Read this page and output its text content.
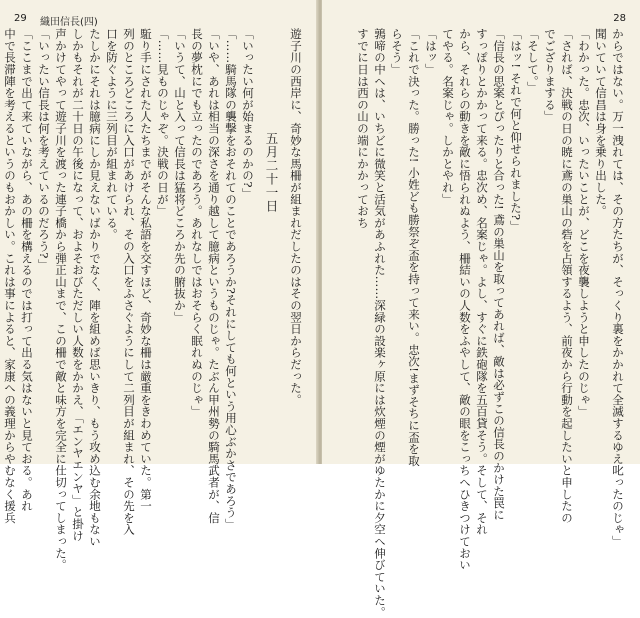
29 織田信長(四)
遊子川の西岸に、奇妙な馬柵が組まれだしたのはその翌日からだった。
五月二十一日
「いったい何が始まるのかの?」
「……騎馬隊の襲撃をおそれてのことであろうか?それにしても何という用心ぶかさであろう」
「いや、あれは相当の深さを通り越して臆病というものじゃ。たぶん甲州勢の騎馬武者が、信
長の夢枕にでも立ったのであろう。あれなしではおそらく眠れぬのじゃ」
「いうて、山と入って信長は猛将どころか先の腑抜か」
「……見ものじゃぞ。決戦の日が」
駈り手にされた人たちまでがそんな私語を交すほど、奇妙な柵は厳重をきわめていた。第一
列のところどころに入口があけられ、その入口をふさぐようにして二列目が組まれ、その先を入
口を防ぐように三列目が組まれている。
たしかにそれは臆病にしか見えないばかりでなく、陣を組めば思いきり、もう攻め込む余地もない
しかもそれが二十日の午後になって、およそおびただしい人数をかかえ、「エンヤエンヤ」と掛け
声かけてやって遊子川を渡った連子橋から弾正山まで、この柵で敵と味方を完全に仕切ってしまった。
「いったい信長は何を考えているのだろう?」
「ここまで出て来ていながら、あの柵を構えるのでは打って出る気はないと見ておる。あれ
中で長滞陣を考えるというのもおかしい。これは事によると、家康への義理からやむなく援兵
28
からではない。万一洩れては、その方たちが、そっくり裏をかかれて全滅するゆえ叱ったのじゃ」
聞いていて信昌は身を乗り出した。
「わかった。忠次、いったいことが、どこを夜襲しようと申したのじゃ」
「されば、決戦の日の暁に鳶の巣山の砦を占領するよう、前夜から行動を起したいと申したの
でござりまする」
「そして。」
「はッ! それで何と仰せられました?」
「信長の思案とぴったりと合った! 鳶の巣山を取ってあれば、敵は必ずこの信長のかけた罠に
すっぽりとかかって来る。忠次め、名案じゃ。よし、すぐに鉄砲隊を五百貸そう。そして、それ
から、それらの動きを敵に悟られぬよう、柵結いの人数をふやして、敵の眼をこっちへひきつけておい
てやる。名案じゃ。しかとやれ」
「はッ」
「これで決った。勝った! 小姓ども勝祭ぞ盃を持って来い。忠次!まずそちに盃を取
らそう」
鶉啼の中へは、いちどに微笑と活気があふれた……深緑の設楽ヶ原には炊煙の煙がゆたかに夕空へ伸びていた。
すでに日は西の山の端にかかっておち
